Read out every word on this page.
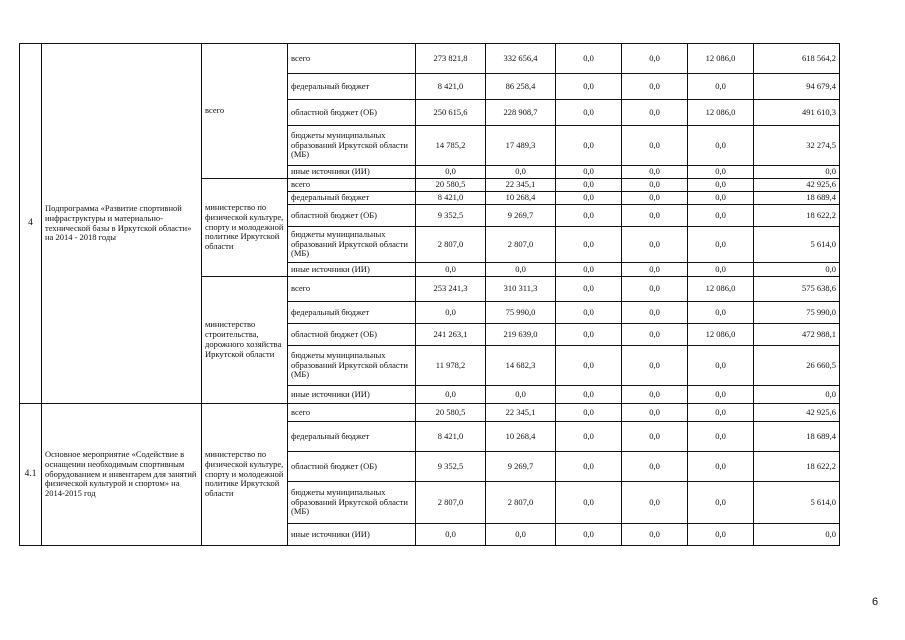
4	Подпрограмма «Развитие спортивной инфраструктуры и материально- технической базы в Иркутской области» на 2014 - 2018 годы	всего	всего	273 821,8	332 656,4	0,0	0,0	12 086,0	618 564,2
			федеральный бюджет	8 421,0	86 258,4	0,0	0,0	0,0	94 679,4
			областной бюджет (ОБ)	250 615,6	228 908,7	0,0	0,0	12 086,0	491 610,3
			бюджеты муниципальных образований Иркутской области (МБ)	14 785,2	17 489,3	0,0	0,0	0,0	32 274,5
			иные источники (ИИ)	0,0	0,0	0,0	0,0	0,0	0,0
		министерство по физической культуре, спорту и молодежной политике Иркутской области	всего	20 580,5	22 345,1	0,0	0,0	0,0	42 925,6
			федеральный бюджет	8 421,0	10 268,4	0,0	0,0	0,0	18 689,4
			областной бюджет (ОБ)	9 352,5	9 269,7	0,0	0,0	0,0	18 622,2
			бюджеты муниципальных образований Иркутской области (МБ)	2 807,0	2 807,0	0,0	0,0	0,0	5 614,0
			иные источники (ИИ)	0,0	0,0	0,0	0,0	0,0	0,0
		министерство строительства, дорожного хозяйства Иркутской области	всего	253 241,3	310 311,3	0,0	0,0	12 086,0	575 638,6
			федеральный бюджет	0,0	75 990,0	0,0	0,0	0,0	75 990,0
			областной бюджет (ОБ)	241 263,1	219 639,0	0,0	0,0	12 086,0	472 988,1
			бюджеты муниципальных образований Иркутской области (МБ)	11 978,2	14 682,3	0,0	0,0	0,0	26 660,5
			иные источники (ИИ)	0,0	0,0	0,0	0,0	0,0	0,0
4.1	Основное мероприятие «Содействие в оснащении необходимым спортивным оборудованием и инвентарем для занятий физической культурой и спортом» на 2014-2015 год	министерство по физической культуре, спорту и молодежной политике Иркутской области	всего	20 580,5	22 345,1	0,0	0,0	0,0	42 925,6
			федеральный бюджет	8 421,0	10 268,4	0,0	0,0	0,0	18 689,4
			областной бюджет (ОБ)	9 352,5	9 269,7	0,0	0,0	0,0	18 622,2
			бюджеты муниципальных образований Иркутской области (МБ)	2 807,0	2 807,0	0,0	0,0	0,0	5 614,0
			иные источники (ИИ)	0,0	0,0	0,0	0,0	0,0	0,0
6
